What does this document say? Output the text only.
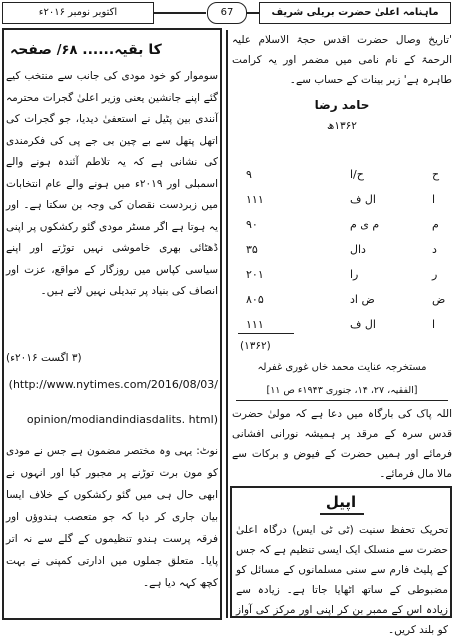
اکتوبر نومبر ۲۰۱۶ء	67	ماہنامہ اعلیٰ حضرت بریلی شریف
کا بقیہ...... ۶۸/ صفحہ
سوموار کو خود مودی کی جانب سے منتخب کیے گئے اپنے جانشین یعنی وزیر اعلیٰ گجرات محترمہ آنندی بین پٹیل نے استعفیٰ دیدیا، جو گجرات کی اتھل پتھل سے بے چین بی جے پی کی فکرمندی کی نشانی ہے کہ یہ تلاطم آئندہ ہونے والے اسمبلی اور ۲۰۱۹ء میں ہونے والے عام انتخابات میں زبردست نقصان کی وجہ بن سکتا ہے۔ اور یہ ہوتا ہے اگر مسٹر مودی گئو رکشکوں پر اپنی ڈھٹائی بھری خاموشی نہیں توڑتے اور اپنے سیاسی کپاس میں روزگار کے مواقع، عزت اور انصاف کی بنیاد پر تبدیلی نہیں لاتے ہیں۔
(۳ اگست ۲۰۱۶ء)
(http://www.nytimes.com/2016/08/03/
opinion/modiandindiasdalits. html)
نوٹ: یہی وہ مختصر مضمون ہے جس نے مودی کو مون برت توڑنے پر مجبور کیا اور انہوں نے ابھی حال ہی میں گئو رکشکوں کے خلاف ایسا بیان جاری کر دیا کہ جو متعصب ہندوؤں اور فرقہ پرست ہندو تنظیموں کے گلے سے نہ اتر پایا۔ متعلق جملوں میں ادارتی کمپنی نے بہت کچھ کہہ دیا ہے۔
'تاریخ وصال حضرت اقدس حجۃ الاسلام علیہ الرحمۃ کے نام نامی میں مضمر اور یہ کرامت طاہرہ ہے' زبر بینات کے حساب سے۔
حامد رضا
۱۳۶۲ھ
ح
ح/ا
۹
ا
ال ف
۱۱۱
م
م ی م
۹۰
د
دال
۳۵
ر
را
۲۰۱
ض
ض اد
۸۰۵
ا
ال ف
۱۱۱
(۱۳۶۲)
مستخرجہ عنایت محمد خاں غوری غفرلہ
[الفقیہ، ۲۷، ۱۴، جنوری ۱۹۴۳ء ص ۱۱]
اللہ پاک کی بارگاہ میں دعا ہے کہ مولیٰ حضرت قدس سرہ کے مرقد پر ہمیشہ نورانی افشانی فرمائے اور ہمیں حضرت کے فیوض و برکات سے مالا مال فرمائے۔
اپیل
تحریک تحفظ سنیت (ٹی ٹی ایس) درگاہ اعلیٰ حضرت سے منسلک ایک ایسی تنظیم ہے کہ جس کے پلیٹ فارم سے سنی مسلمانوں کے مسائل کو مضبوطی کے ساتھ اٹھایا جاتا ہے۔ زیادہ سے زیادہ اس کے ممبر بن کر اپنی اور مرکز کی آواز کو بلند کریں۔
